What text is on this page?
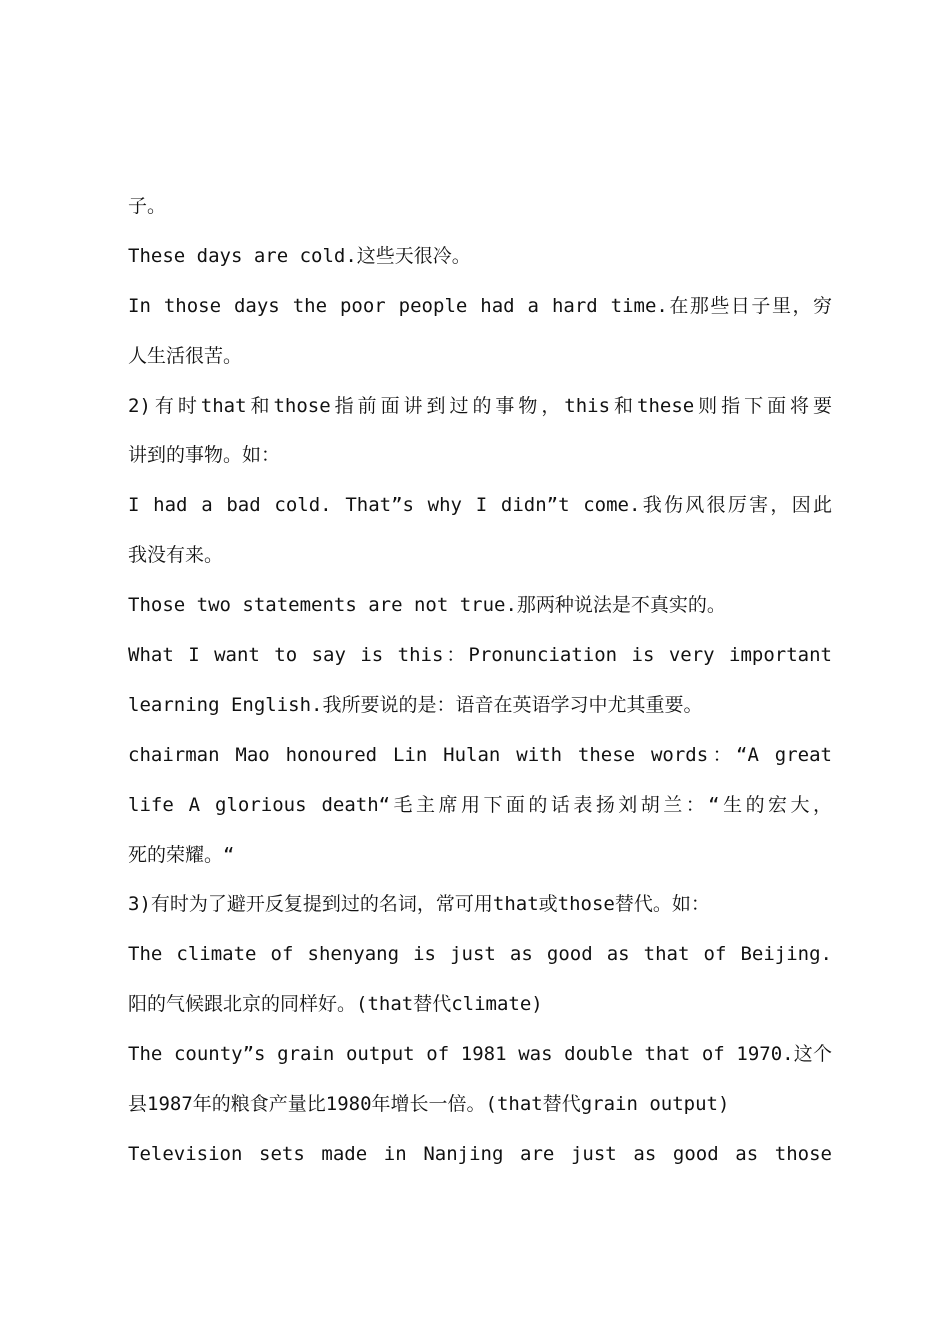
子。
These days are cold.这些天很冷。
In those days the poor people had a hard time.在那些日子里，穷
人生活很苦。
2)有时that和those指前面讲到过的事物，this和these则指下面将要
讲到的事物。如：
I had a bad cold. That”s why I didn”t come.我伤风很厉害，因此
我没有来。
Those two statements are not true.那两种说法是不真实的。
What I want to say is this：Pronunciation is very important
learning English.我所要说的是：语音在英语学习中尤其重要。
chairman Mao honoured Lin Hulan with these words：“A great
life A glorious death“毛主席用下面的话表扬刘胡兰：“生的宏大，
死的荣耀。“
3)有时为了避开反复提到过的名词，常可用that或those替代。如：
The climate of shenyang is just as good as that of Beijing.
阳的气候跟北京的同样好。(that替代climate)
The county”s grain output of 1981 was double that of 1970.这个
县1987年的粮食产量比1980年增长一倍。(that替代grain output)
Television sets made in Nanjing are just as good as those
